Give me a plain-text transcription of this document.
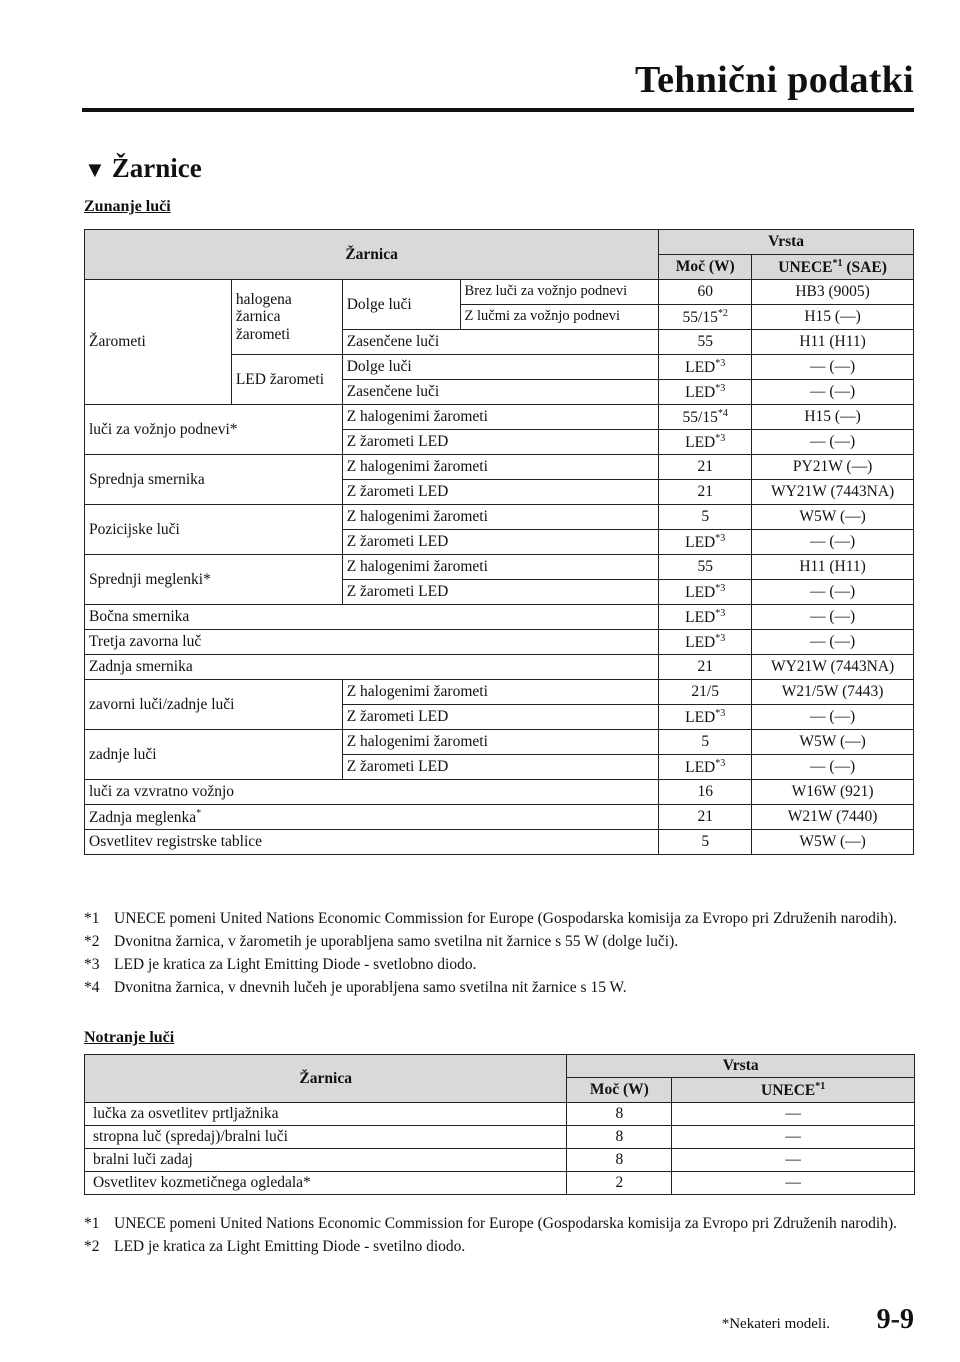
Tehnični podatki
▼ Žarnice
Zunanje luči
Žarnica				Vrsta	
				Moč (W)	UNECE$^{*1}$ (SAE)
Žarometi	halogena žarnica žarometi	Dolge luči	Brez luči za vožnjo podnevi	60	HB3 (9005)
			Z lučmi za vožnjo podnevi	55/15$^{*2}$	H15 (—)
		Zasenčene luči		55	H11 (H11)
	LED žarometi	Dolge luči		LED$^{*3}$	— (—)
		Zasenčene luči		LED$^{*3}$	— (—)
luči za vožnjo podnevi*		Z halogenimi žarometi		55/15$^{*4}$	H15 (—)
		Z žarometi LED		LED$^{*3}$	— (—)
Sprednja smernika		Z halogenimi žarometi		21	PY21W (—)
		Z žarometi LED		21	WY21W (7443NA)
Pozicijske luči		Z halogenimi žarometi		5	W5W (—)
		Z žarometi LED		LED$^{*3}$	— (—)
Sprednji meglenki*		Z halogenimi žarometi		55	H11 (H11)
		Z žarometi LED		LED$^{*3}$	— (—)
Bočna smernika				LED$^{*3}$	— (—)
Tretja zavorna luč				LED$^{*3}$	— (—)
Zadnja smernika				21	WY21W (7443NA)
zavorni luči/zadnje luči		Z halogenimi žarometi		21/5	W21/5W (7443)
		Z žarometi LED		LED$^{*3}$	— (—)
zadnje luči		Z halogenimi žarometi		5	W5W (—)
		Z žarometi LED		LED$^{*3}$	— (—)
luči za vzvratno vožnjo				16	W16W (921)
Zadnja meglenka*				21	W21W (7440)
Osvetlitev registrske tablice				5	W5W (—)
*1 UNECE pomeni United Nations Economic Commission for Europe (Gospodarska komisija za Evropo pri Združenih narodih).
*2 Dvonitna žarnica, v žarometih je uporabljena samo svetilna nit žarnice s 55 W (dolge luči).
*3 LED je kratica za Light Emitting Diode - svetlobno diodo.
*4 Dvonitna žarnica, v dnevnih lučeh je uporabljena samo svetilna nit žarnice s 15 W.
Notranje luči
Žarnica	Vrsta	
	Moč (W)	UNECE$^{*1}$
lučka za osvetlitev prtljažnika	8	—
stropna luč (spredaj)/bralni luči	8	—
bralni luči zadaj	8	—
Osvetlitev kozmetičnega ogledala*	2	—
*1 UNECE pomeni United Nations Economic Commission for Europe (Gospodarska komisija za Evropo pri Združenih narodih).
*2 LED je kratica za Light Emitting Diode - svetilno diodo.
*Nekateri modeli. 9-9
